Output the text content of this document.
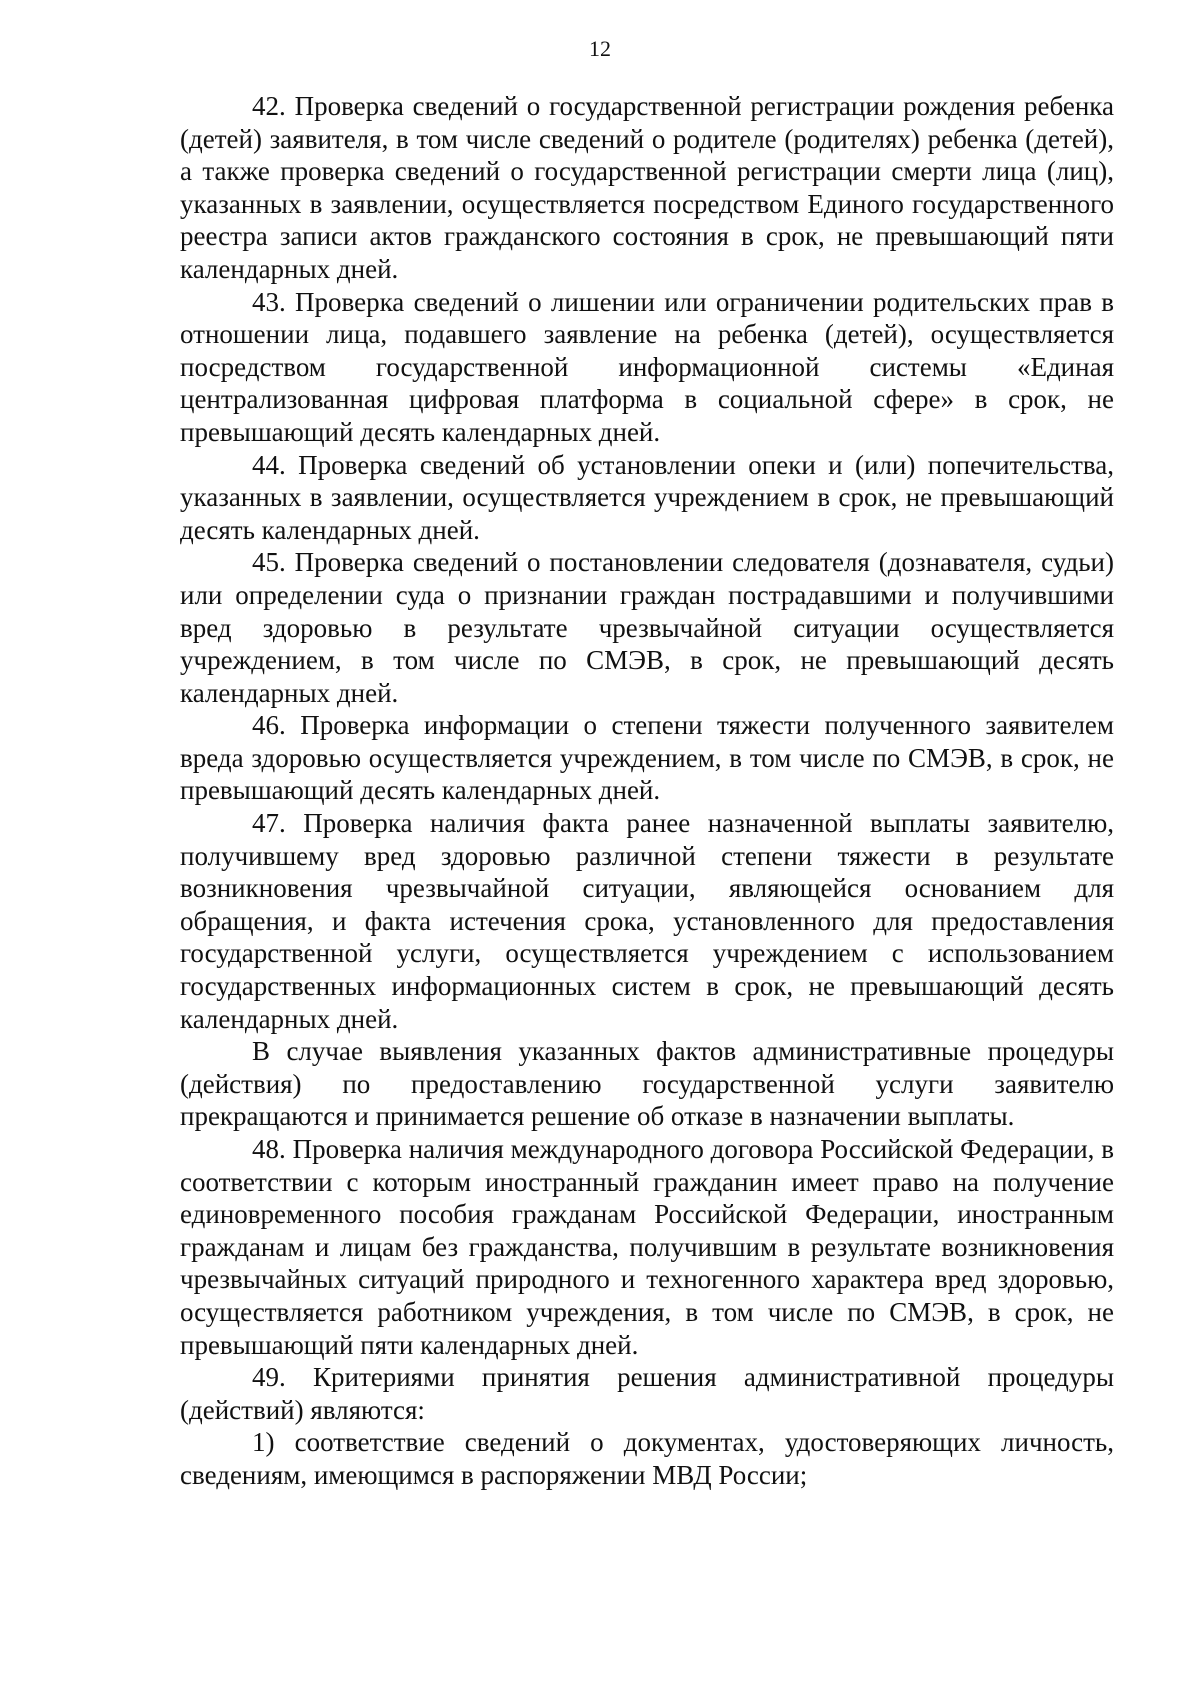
12

42. Проверка сведений о государственной регистрации рождения ребенка (детей) заявителя, в том числе сведений о родителе (родителях) ребенка (детей), а также проверка сведений о государственной регистрации смерти лица (лиц), указанных в заявлении, осуществляется посредством Единого государственного реестра записи актов гражданского состояния в срок, не превышающий пяти календарных дней.

43. Проверка сведений о лишении или ограничении родительских прав в отношении лица, подавшего заявление на ребенка (детей), осуществляется посредством государственной информационной системы «Единая централизованная цифровая платформа в социальной сфере» в срок, не превышающий десять календарных дней.

44. Проверка сведений об установлении опеки и (или) попечительства, указанных в заявлении, осуществляется учреждением в срок, не превышающий десять календарных дней.

45. Проверка сведений о постановлении следователя (дознавателя, судьи) или определении суда о признании граждан пострадавшими и получившими вред здоровью в результате чрезвычайной ситуации осуществляется учреждением, в том числе по СМЭВ, в срок, не превышающий десять календарных дней.

46. Проверка информации о степени тяжести полученного заявителем вреда здоровью осуществляется учреждением, в том числе по СМЭВ, в срок, не превышающий десять календарных дней.

47. Проверка наличия факта ранее назначенной выплаты заявителю, получившему вред здоровью различной степени тяжести в результате возникновения чрезвычайной ситуации, являющейся основанием для обращения, и факта истечения срока, установленного для предоставления государственной услуги, осуществляется учреждением с использованием государственных информационных систем в срок, не превышающий десять календарных дней.

В случае выявления указанных фактов административные процедуры (действия) по предоставлению государственной услуги заявителю прекращаются и принимается решение об отказе в назначении выплаты.

48. Проверка наличия международного договора Российской Федерации, в соответствии с которым иностранный гражданин имеет право на получение единовременного пособия гражданам Российской Федерации, иностранным гражданам и лицам без гражданства, получившим в результате возникновения чрезвычайных ситуаций природного и техногенного характера вред здоровью, осуществляется работником учреждения, в том числе по СМЭВ, в срок, не превышающий пяти календарных дней.

49. Критериями принятия решения административной процедуры (действий) являются:

1) соответствие сведений о документах, удостоверяющих личность, сведениям, имеющимся в распоряжении МВД России;
